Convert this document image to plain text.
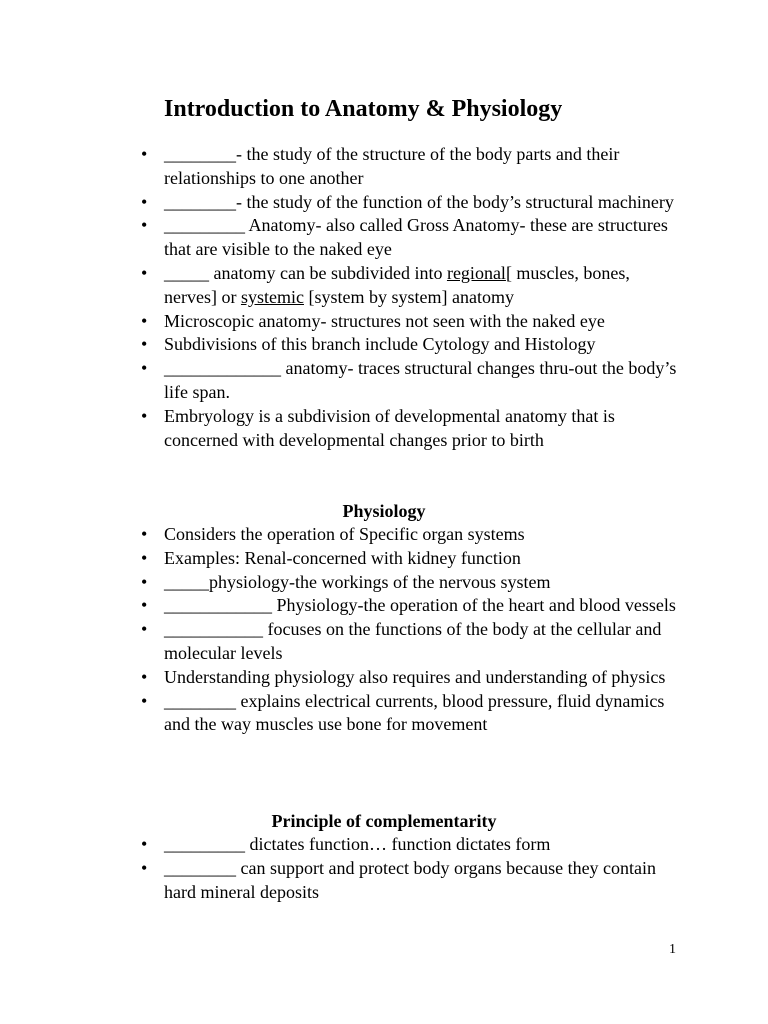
Introduction to Anatomy & Physiology
• ________- the study of the structure of the body parts and their relationships to one another
• ________- the study of the function of the body’s structural machinery
• _________ Anatomy- also called Gross Anatomy- these are structures that are visible to the naked eye
• _____ anatomy can be subdivided into regional[ muscles, bones, nerves] or systemic [system by system] anatomy
• Microscopic anatomy- structures not seen with the naked eye
• Subdivisions of this branch include Cytology and Histology
• _____________ anatomy- traces structural changes thru-out the body’s life span.
• Embryology is a subdivision of developmental anatomy that is concerned with developmental changes prior to birth
Physiology
• Considers the operation of Specific organ systems
• Examples: Renal-concerned with kidney function
• _____physiology-the workings of the nervous system
• ____________ Physiology-the operation of the heart and blood vessels
• ___________ focuses on the functions of the body at the cellular and molecular levels
• Understanding physiology also requires and understanding of physics
• ________ explains electrical currents, blood pressure, fluid dynamics and the way muscles use bone for movement
Principle of complementarity
• _________ dictates function… function dictates form
• ________ can support and protect body organs because they contain hard mineral deposits
1
